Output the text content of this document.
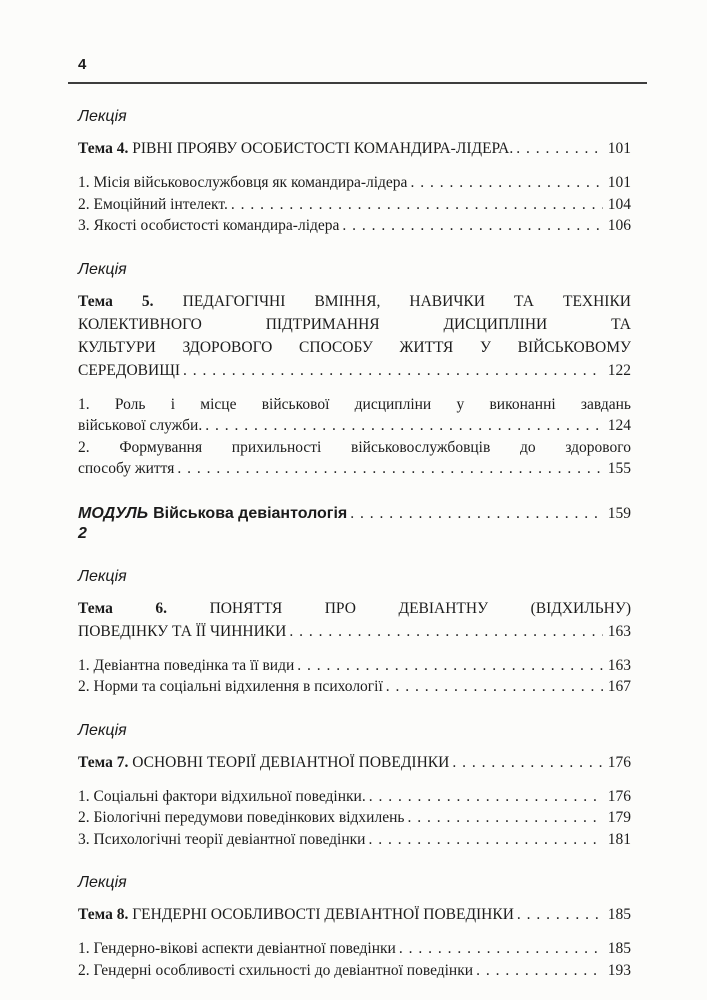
4
Лекція
Тема 4. РІВНІ ПРОЯВУ ОСОБИСТОСТІ КОМАНДИРА-ЛІДЕРА. . . .	101
1. Місія військовослужбовця як командира-лідера . . .	101
2. Емоційний інтелект. . . .	104
3. Якості особистості командира-лідера . . .	106
Лекція
Тема 5. ПЕДАГОГІЧНІ ВМІННЯ, НАВИЧКИ ТА ТЕХНІКИ
КОЛЕКТИВНОГО ПІДТРИМАННЯ ДИСЦИПЛІНИ ТА
КУЛЬТУРИ ЗДОРОВОГО СПОСОБУ ЖИТТЯ У ВІЙСЬКОВОМУ
СЕРЕДОВИЩІ . . .	122
1. Роль і місце військової дисципліни у виконанні завдань
військової служби. . . .	124
2. Формування прихильності військовослужбовців до здорового
способу життя . . .	155
МОДУЛЬ 2
Військова девіантологія . . .	159
Лекція
Тема 6. ПОНЯТТЯ ПРО ДЕВІАНТНУ (ВІДХИЛЬНУ)
ПОВЕДІНКУ ТА ЇЇ ЧИННИКИ . . .	163
1. Девіантна поведінка та її види . . .	163
2. Норми та соціальні відхилення в психології . . .	167
Лекція
Тема 7. ОСНОВНІ ТЕОРІЇ ДЕВІАНТНОЇ ПОВЕДІНКИ . . .	176
1. Соціальні фактори відхильної поведінки. . . .	176
2. Біологічні передумови поведінкових відхилень . . .	179
3. Психологічні теорії девіантної поведінки . . .	181
Лекція
Тема 8. ГЕНДЕРНІ ОСОБЛИВОСТІ ДЕВІАНТНОЇ ПОВЕДІНКИ . . .	185
1. Гендерно-вікові аспекти девіантної поведінки . . .	185
2. Гендерні особливості схильності до девіантної поведінки . . .	193
